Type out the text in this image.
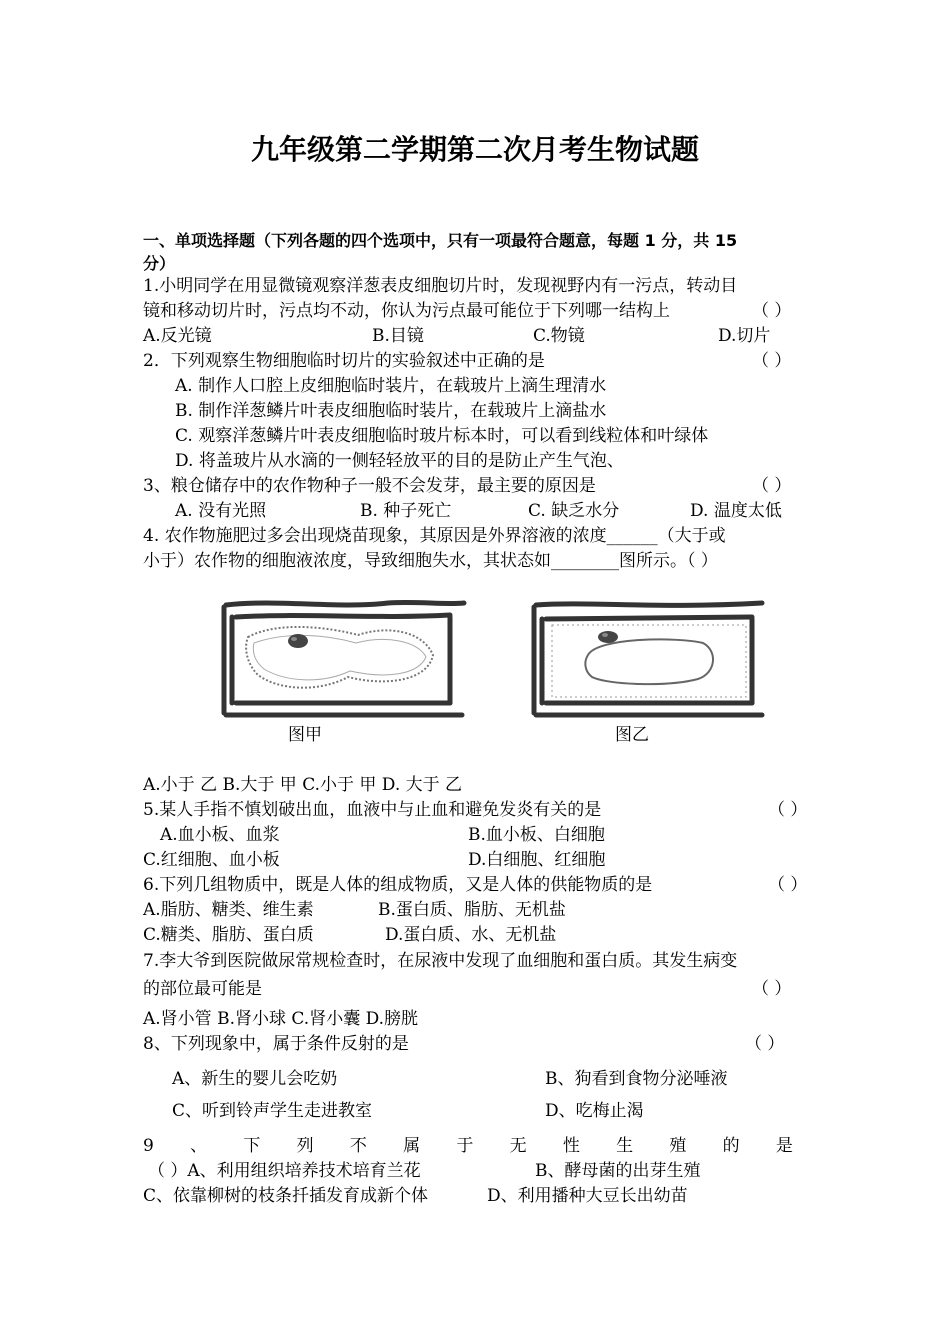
九年级第二学期第二次月考生物试题
一、单项选择题（下列各题的四个选项中，只有一项最符合题意，每题 1 分，共 15
分）
1.小明同学在用显微镜观察洋葱表皮细胞切片时，发现视野内有一污点，转动目
镜和移动切片时，污点均不动，你认为污点最可能位于下列哪一结构上	（ ）
A.反光镜	B.目镜	C.物镜	D.切片
2．下列观察生物细胞临时切片的实验叙述中正确的是	（ ）
A. 制作人口腔上皮细胞临时装片，在载玻片上滴生理清水
B. 制作洋葱鳞片叶表皮细胞临时装片，在载玻片上滴盐水
C. 观察洋葱鳞片叶表皮细胞临时玻片标本时，可以看到线粒体和叶绿体
D. 将盖玻片从水滴的一侧轻轻放平的目的是防止产生气泡、
3、粮仓储存中的农作物种子一般不会发芽，最主要的原因是	（ ）
A. 没有光照	B. 种子死亡	C. 缺乏水分	D. 温度太低
4. 农作物施肥过多会出现烧苗现象，其原因是外界溶液的浓度______（大于或
小于）农作物的细胞液浓度，导致细胞失水，其状态如________图所示。（ ）
图甲	图乙
A.小于 乙 B.大于 甲 C.小于 甲 D. 大于 乙
5.某人手指不慎划破出血，血液中与止血和避免发炎有关的是	（ ）
A.血小板、血浆	B.血小板、白细胞
C.红细胞、血小板	D.白细胞、红细胞
6.下列几组物质中，既是人体的组成物质，又是人体的供能物质的是	（ ）
A.脂肪、糖类、维生素	B.蛋白质、脂肪、无机盐
C.糖类、脂肪、蛋白质	D.蛋白质、水、无机盐
7.李大爷到医院做尿常规检查时，在尿液中发现了血细胞和蛋白质。其发生病变
的部位最可能是	（ ）
A.肾小管 B.肾小球 C.肾小囊 D.膀胱
8、下列现象中，属于条件反射的是	（ ）
A、新生的婴儿会吃奶	B、狗看到食物分泌唾液
C、听到铃声学生走进教室	D、吃梅止渴
9 、 下 列 不 属 于 无 性 生 殖 的 是
（ ）A、利用组织培养技术培育兰花	B、酵母菌的出芽生殖
C、依靠柳树的枝条扦插发育成新个体	D、利用播种大豆长出幼苗
